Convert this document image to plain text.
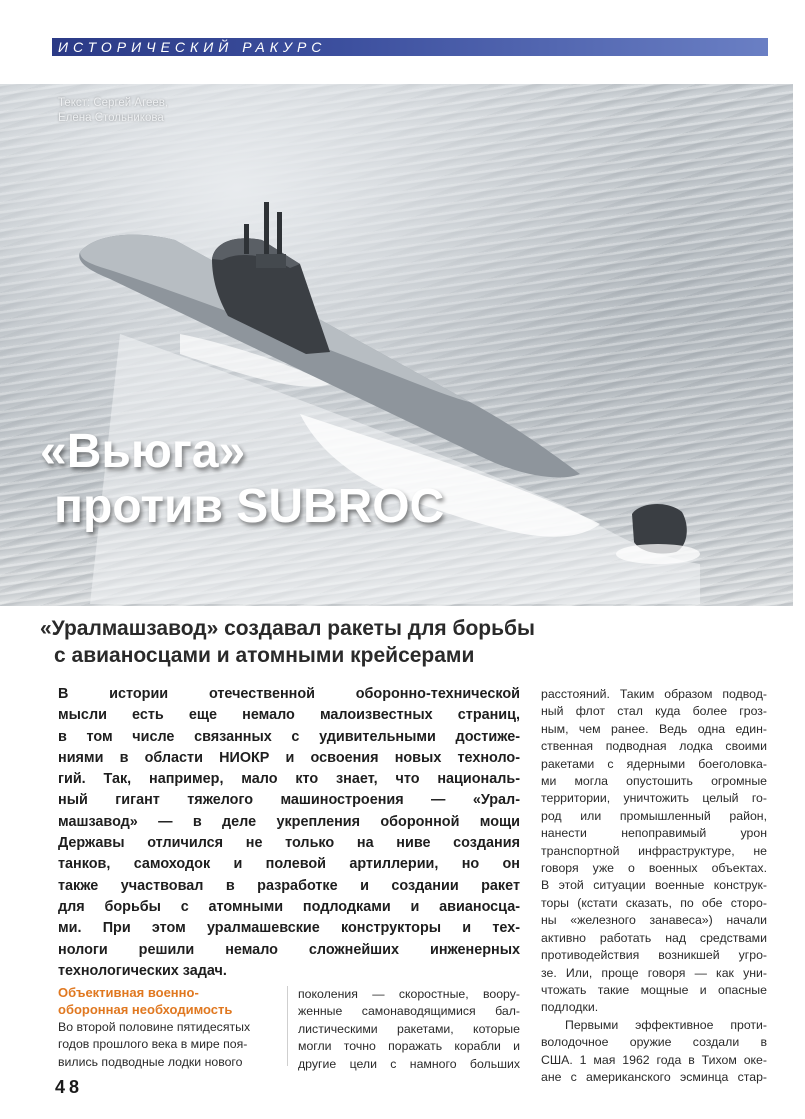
ИСТОРИЧЕСКИЙ РАКУРС
Текст: Сергей Агеев,
Елена Стольникова
«Вьюга»
против SUBROC
«Уралмашзавод» создавал ракеты для борьбы
с авианосцами и атомными крейсерами
В истории отечественной оборонно-технической
мысли есть еще немало малоизвестных страниц,
в том числе связанных с удивительными достиже-
ниями в области НИОКР и освоения новых техноло-
гий. Так, например, мало кто знает, что националь-
ный гигант тяжелого машиностроения — «Урал-
машзавод» — в деле укрепления оборонной мощи
Державы отличился не только на ниве создания
танков, самоходок и полевой артиллерии, но он
также участвовал в разработке и создании ракет
для борьбы с атомными подлодками и авианосца-
ми. При этом уралмашевские конструкторы и тех-
нологи решили немало сложнейших инженерных
технологических задач.
расстояний. Таким образом подвод-
ный флот стал куда более гроз-
ным, чем ранее. Ведь одна един-
ственная подводная лодка своими
ракетами с ядерными боеголовка-
ми могла опустошить огромные
территории, уничтожить целый го-
род или промышленный район,
нанести непоправимый урон
транспортной инфраструктуре, не
говоря уже о военных объектах.
В этой ситуации военные конструк-
торы (кстати сказать, по обе сторо-
ны «железного занавеса») начали
активно работать над средствами
противодействия возникшей угро-
зе. Или, проще говоря — как уни-
чтожать такие мощные и опасные
подлодки.
Первыми эффективное проти-
володочное оружие создали в
США. 1 мая 1962 года в Тихом оке-
ане с американского эсминца стар-
Объективная военно-
оборонная необходимость
Во второй половине пятидесятых
годов прошлого века в мире поя-
вились подводные лодки нового
поколения — скоростные, воору-
женные самонаводящимися бал-
листическими ракетами, которые
могли точно поражать корабли и
другие цели с намного больших
48
